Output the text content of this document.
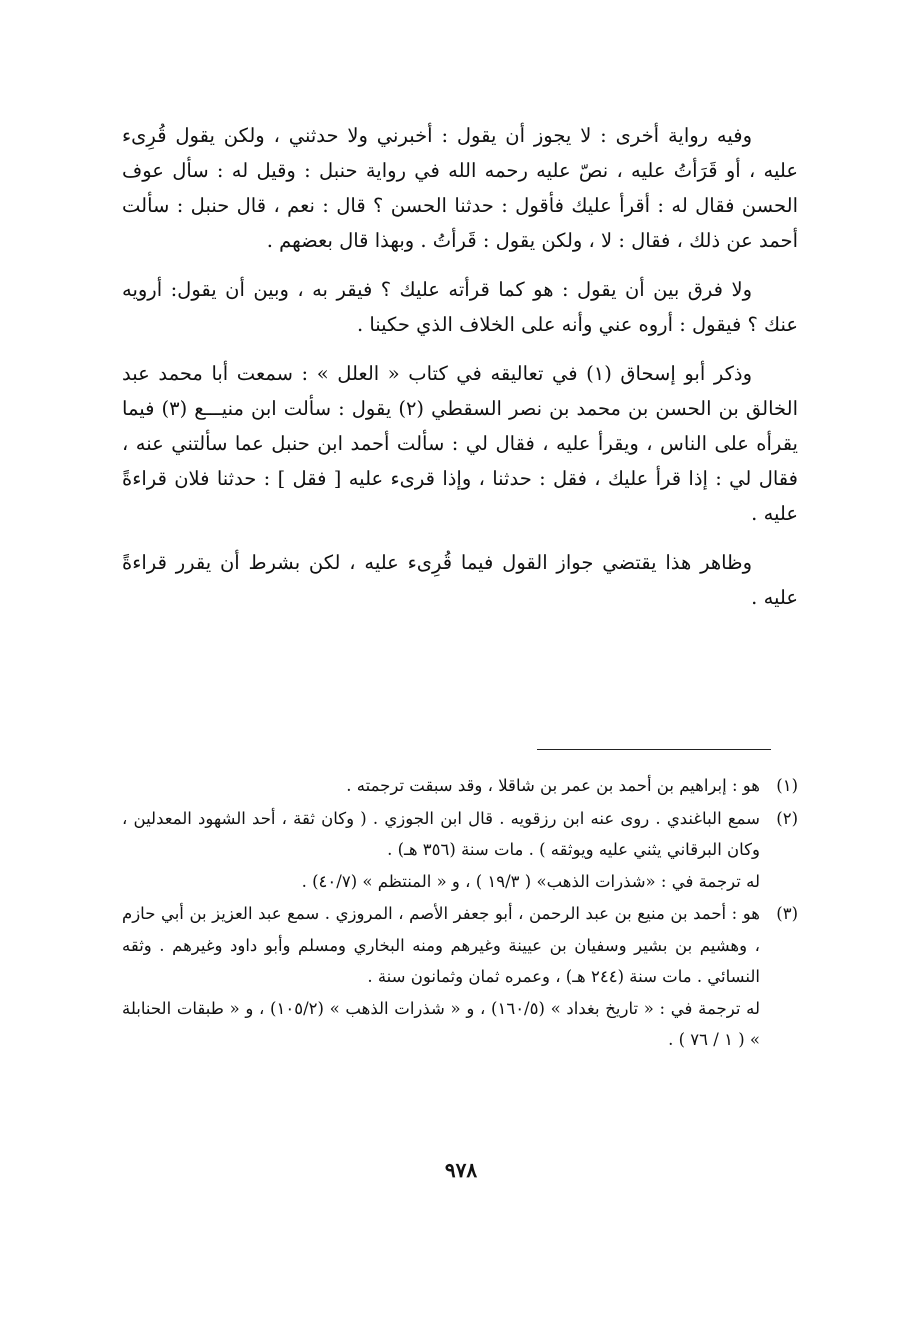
وفيه رواية أخرى : لا يجوز أن يقول : أخبرني ولا حدثني ، ولكن يقول قُرِىء عليه ، أو قَرَأتُ عليه ، نصّ عليه رحمه الله في رواية حنبل : وقيل له : سأل عوف الحسن فقال له : أقرأ عليك فأقول : حدثنا الحسن ؟ قال : نعم ، قال حنبل : سألت أحمد عن ذلك ، فقال : لا ، ولكن يقول : قَرأتُ . وبهذا قال بعضهم .

ولا فرق بين أن يقول : هو كما قرأته عليك ؟ فيقر به ، وبين أن يقول: أرويه عنك ؟ فيقول : أروه عني وأنه على الخلاف الذي حكينا .

وذكر أبو إسحاق (١) في تعاليقه في كتاب « العلل » : سمعت أبا محمد عبد الخالق بن الحسن بن محمد بن نصر السقطي (٢) يقول : سألت ابن منيـــع (٣) فيما يقرأه على الناس ، ويقرأ عليه ، فقال لي : سألت أحمد ابن حنبل عما سألتني عنه ، فقال لي : إذا قرأ عليك ، فقل : حدثنا ، وإذا قرىء عليه [ فقل ] : حدثنا فلان قراءةً عليه .

وظاهر هذا يقتضي جواز القول فيما قُرِىء عليه ، لكن بشرط أن يقرر قراءةً عليه .

(١)
هو : إبراهيم بن أحمد بن عمر بن شاقلا ، وقد سبقت ترجمته .
(٢)
سمع الباغندي . روى عنه ابن رزقويه . قال ابن الجوزي . ( وكان ثقة ، أحد الشهود المعدلين ، وكان البرقاني يثني عليه ويوثقه ) . مات سنة (٣٥٦ هـ) .
له ترجمة في : «شذرات الذهب» ( ١٩/٣ ) ، و « المنتظم » (٤٠/٧) .
(٣)
هو : أحمد بن منيع بن عبد الرحمن ، أبو جعفر الأصم ، المروزي . سمع عبد العزيز بن أبي حازم ، وهشيم بن بشير وسفيان بن عيينة وغيرهم ومنه البخاري ومسلم وأبو داود وغيرهم . وثقه النسائي . مات سنة (٢٤٤ هـ) ، وعمره ثمان وثمانون سنة .
له ترجمة في : « تاريخ بغداد » (١٦٠/٥) ، و « شذرات الذهب » (١٠٥/٢) ، و « طبقات الحنابلة » ( ١ / ٧٦ ) .
٩٧٨
